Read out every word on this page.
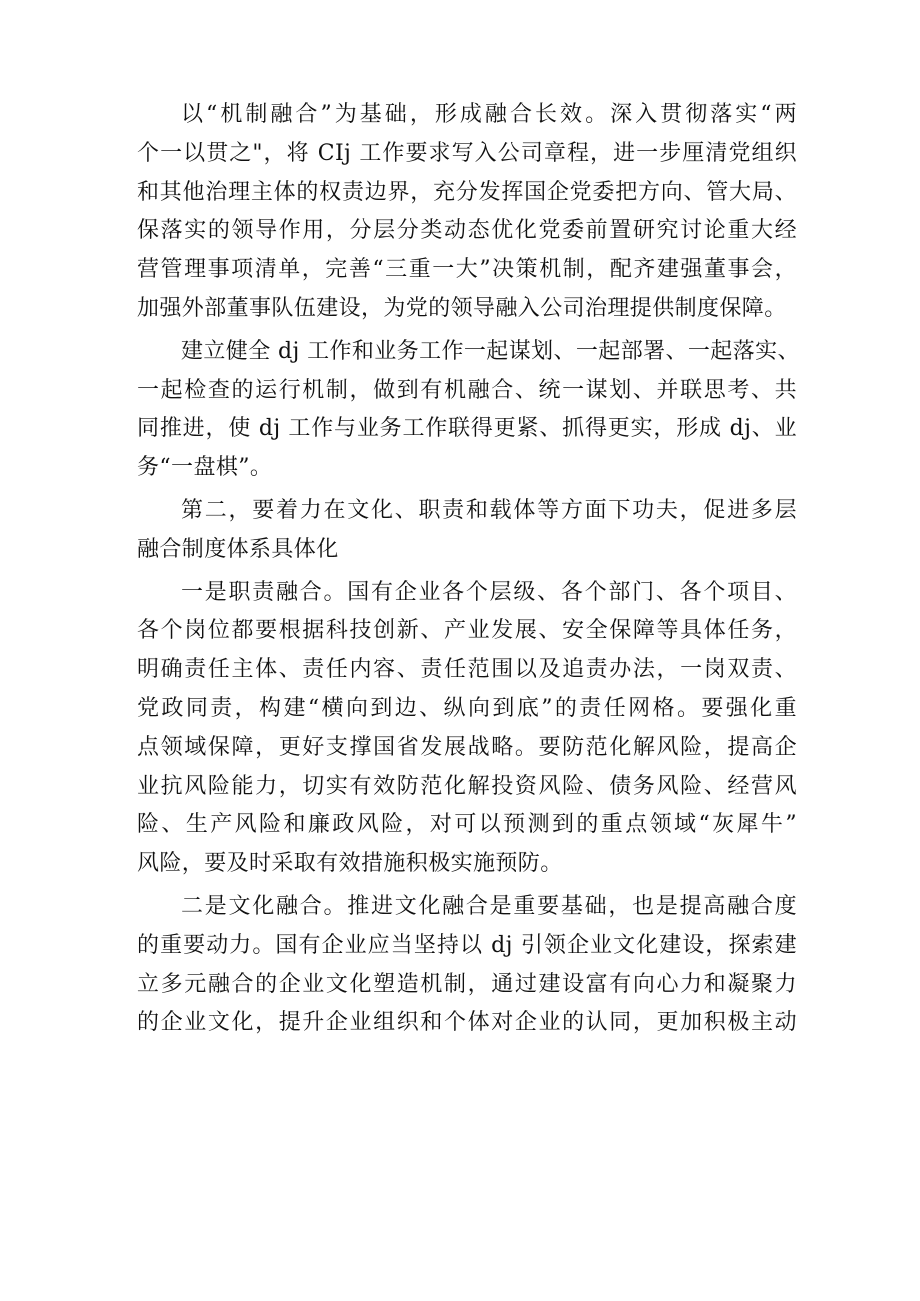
以“机制融合”为基础，形成融合长效。深入贯彻落实“两
个一以贯之"，将 CIj 工作要求写入公司章程，进一步厘清党组织
和其他治理主体的权责边界，充分发挥国企党委把方向、管大局、
保落实的领导作用，分层分类动态优化党委前置研究讨论重大经
营管理事项清单，完善“三重一大”决策机制，配齐建强董事会，
加强外部董事队伍建设，为党的领导融入公司治理提供制度保障。
建立健全 dj 工作和业务工作一起谋划、一起部署、一起落实、
一起检查的运行机制，做到有机融合、统一谋划、并联思考、共
同推进，使 dj 工作与业务工作联得更紧、抓得更实，形成 dj、业
务“一盘棋”。
第二，要着力在文化、职责和载体等方面下功夫，促进多层
融合制度体系具体化
一是职责融合。国有企业各个层级、各个部门、各个项目、
各个岗位都要根据科技创新、产业发展、安全保障等具体任务，
明确责任主体、责任内容、责任范围以及追责办法，一岗双责、
党政同责，构建“横向到边、纵向到底”的责任网格。要强化重
点领域保障，更好支撑国省发展战略。要防范化解风险，提高企
业抗风险能力，切实有效防范化解投资风险、债务风险、经营风
险、生产风险和廉政风险，对可以预测到的重点领域“灰犀牛”
风险，要及时采取有效措施积极实施预防。
二是文化融合。推进文化融合是重要基础，也是提高融合度
的重要动力。国有企业应当坚持以 dj 引领企业文化建设，探索建
立多元融合的企业文化塑造机制，通过建设富有向心力和凝聚力
的企业文化，提升企业组织和个体对企业的认同，更加积极主动
